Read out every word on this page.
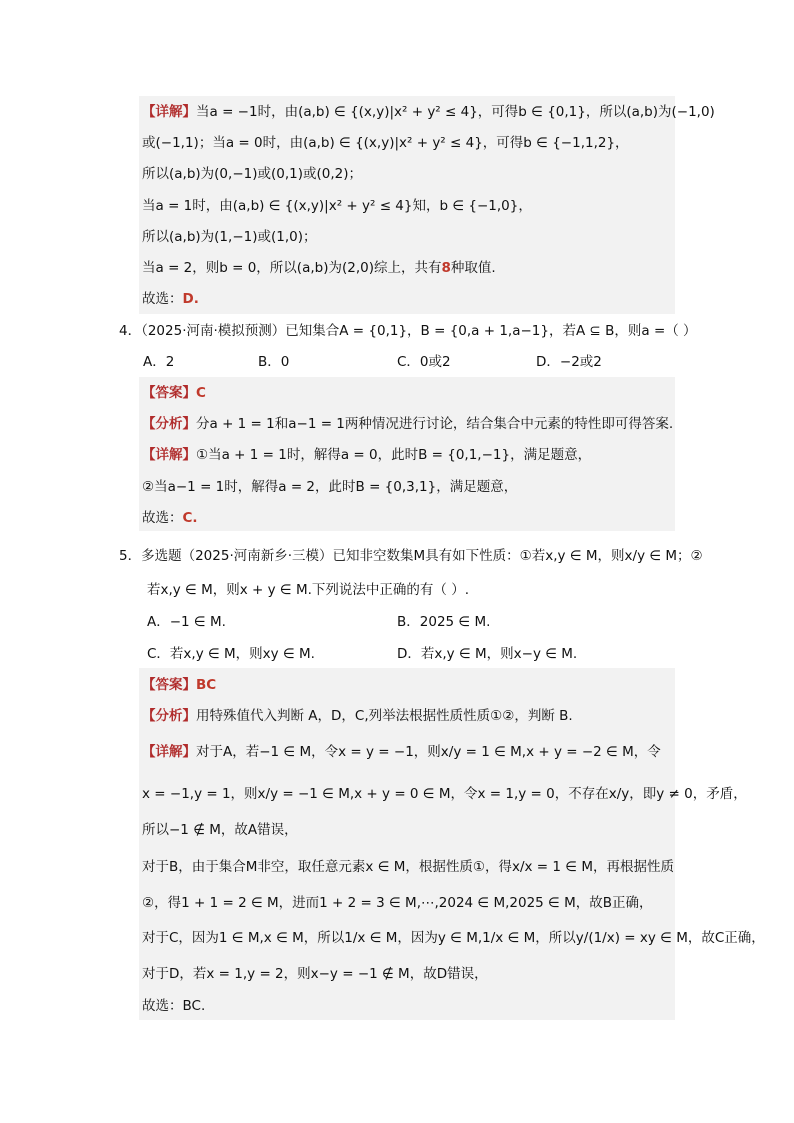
【详解】当a = −1时，由(a,b) ∈ {(x,y)|x² + y² ≤ 4}，可得b ∈ {0,1}，所以(a,b)为(−1,0)
或(−1,1)；当a = 0时，由(a,b) ∈ {(x,y)|x² + y² ≤ 4}，可得b ∈ {−1,1,2}，
所以(a,b)为(0,−1)或(0,1)或(0,2)；
当a = 1时，由(a,b) ∈ {(x,y)|x² + y² ≤ 4}知，b ∈ {−1,0}，
所以(a,b)为(1,−1)或(1,0)；
当a = 2，则b = 0，所以(a,b)为(2,0)综上，共有8种取值.
故选：D.
4．（2025·河南·模拟预测）已知集合A = {0,1}，B = {0,a + 1,a−1}，若A ⊆ B，则a =（ ）
A．2	B．0	C．0或2	D．−2或2
【答案】C
【分析】分a + 1 = 1和a−1 = 1两种情况进行讨论，结合集合中元素的特性即可得答案.
【详解】①当a + 1 = 1时，解得a = 0，此时B = {0,1,−1}，满足题意，
②当a−1 = 1时，解得a = 2，此时B = {0,3,1}，满足题意，
故选：C.
5．多选题（2025·河南新乡·三模）已知非空数集M具有如下性质：①若x,y ∈ M，则x/y ∈ M；②
若x,y ∈ M，则x + y ∈ M.下列说法中正确的有（ ）.
A．−1 ∈ M.	B．2025 ∈ M.
C．若x,y ∈ M，则xy ∈ M.	D．若x,y ∈ M，则x−y ∈ M.
【答案】BC
【分析】用特殊值代入判断 A，D，C,列举法根据性质性质①②，判断 B.
【详解】对于A，若−1 ∈ M，令x = y = −1，则x/y = 1 ∈ M,x + y = −2 ∈ M，令
x = −1,y = 1，则x/y = −1 ∈ M,x + y = 0 ∈ M，令x = 1,y = 0，不存在x/y，即y ≠ 0，矛盾，
所以−1 ∉ M，故A错误，
对于B，由于集合M非空，取任意元素x ∈ M，根据性质①，得x/x = 1 ∈ M，再根据性质
②，得1 + 1 = 2 ∈ M，进而1 + 2 = 3 ∈ M,⋯,2024 ∈ M,2025 ∈ M，故B正确，
对于C，因为1 ∈ M,x ∈ M，所以1/x ∈ M，因为y ∈ M,1/x ∈ M，所以y/(1/x) = xy ∈ M，故C正确，
对于D，若x = 1,y = 2，则x−y = −1 ∉ M，故D错误，
故选：BC.
